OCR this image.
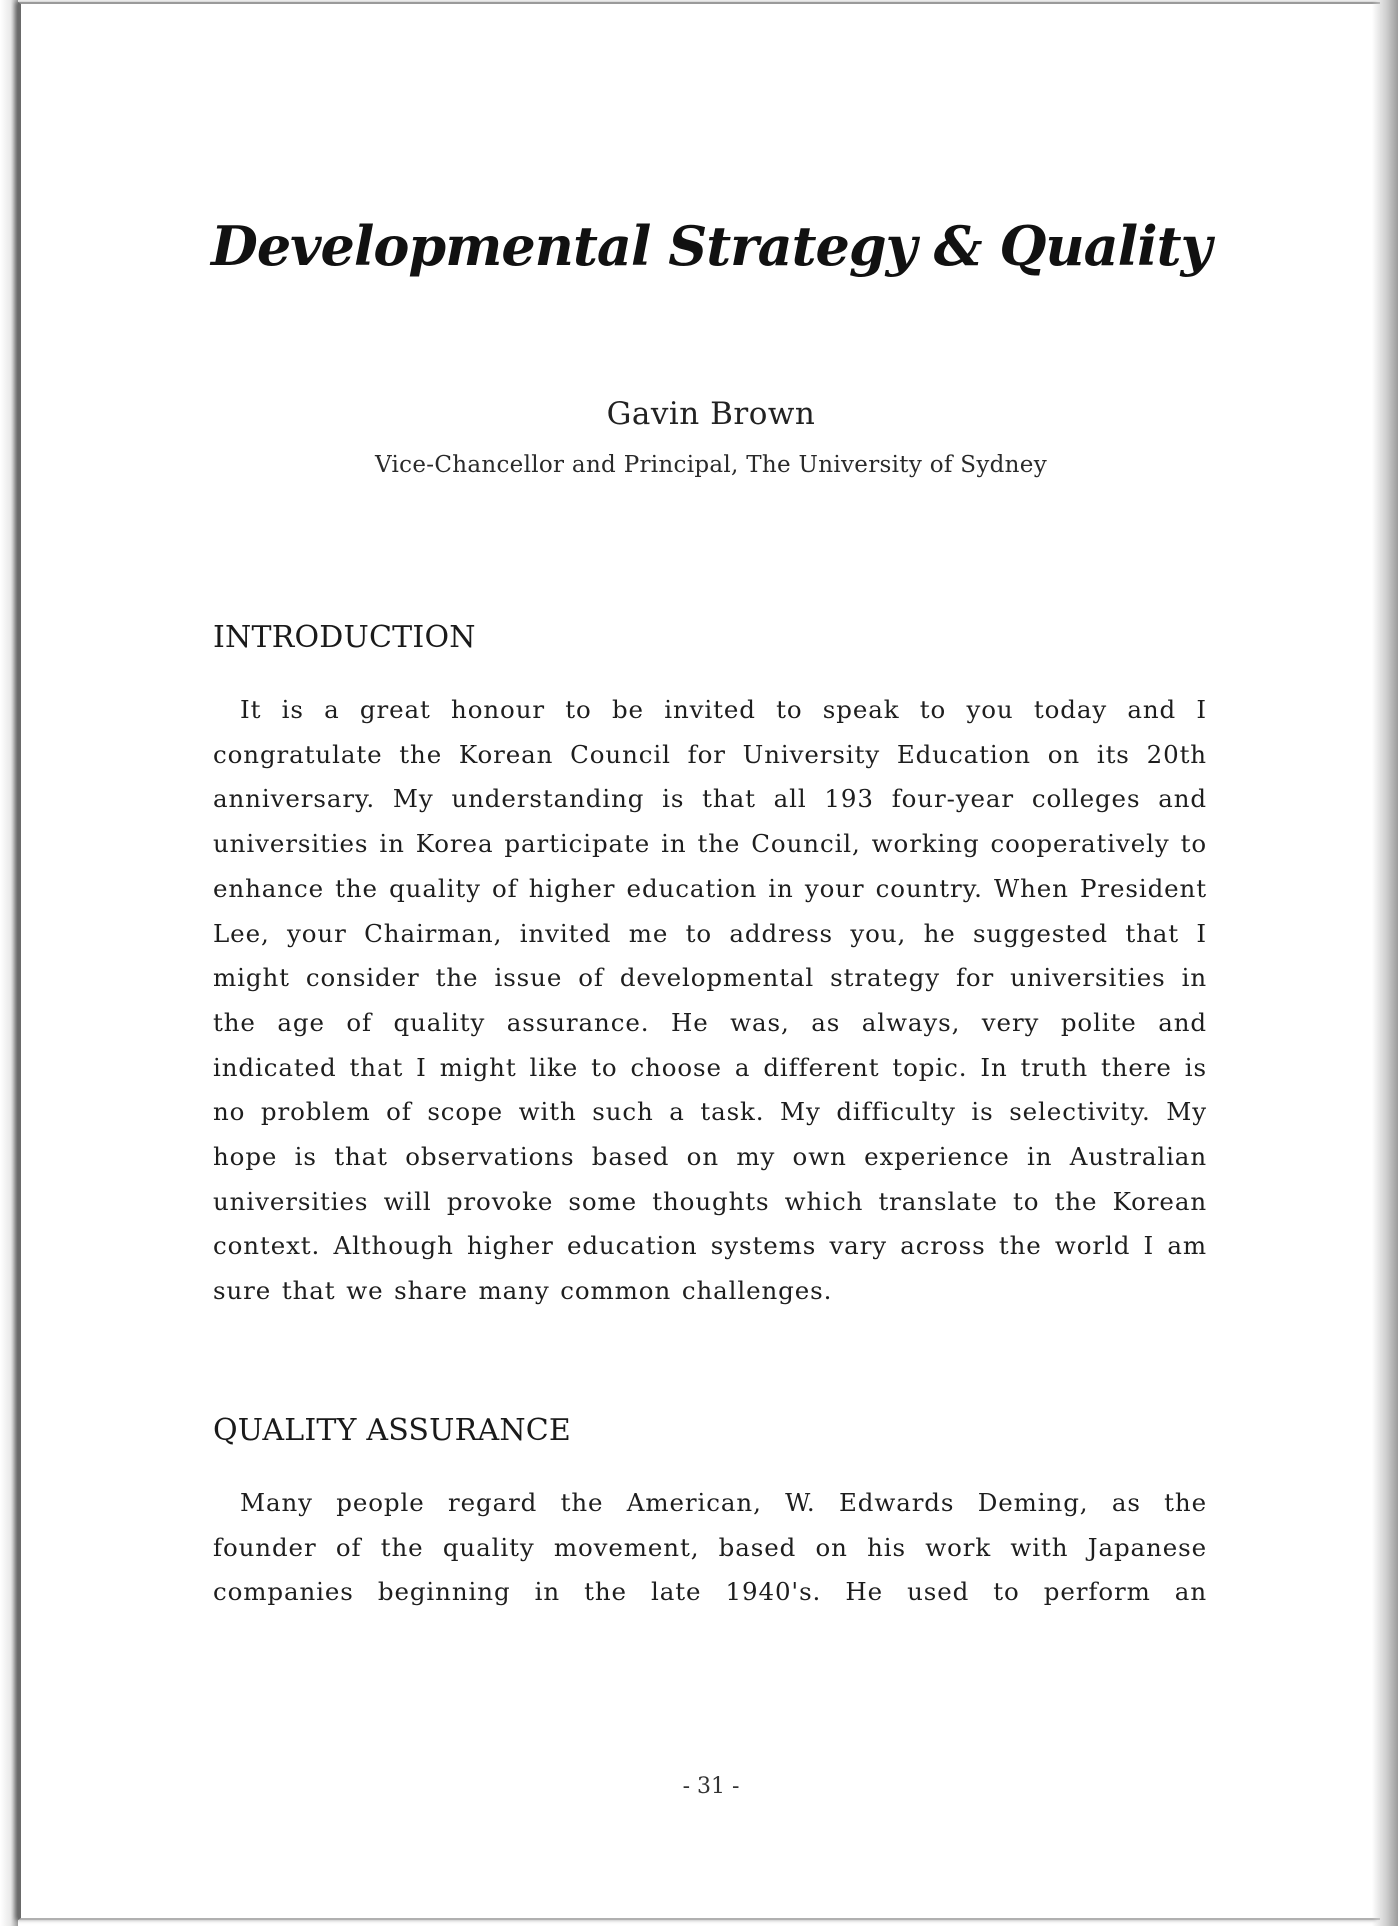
Developmental Strategy & Quality
Gavin Brown
Vice-Chancellor and Principal, The University of Sydney
INTRODUCTION

It is a great honour to be invited to speak to you today and I congratulate the Korean Council for University Education on its 20th anniversary. My understanding is that all 193 four-year colleges and universities in Korea participate in the Council, working cooperatively to enhance the quality of higher education in your country. When President Lee, your Chairman, invited me to address you, he suggested that I might consider the issue of developmental strategy for universities in the age of quality assurance. He was, as always, very polite and indicated that I might like to choose a different topic. In truth there is no problem of scope with such a task. My difficulty is selectivity. My hope is that observations based on my own experience in Australian universities will provoke some thoughts which translate to the Korean context. Although higher education systems vary across the world I am sure that we share many common challenges.

QUALITY ASSURANCE

Many people regard the American, W. Edwards Deming, as the founder of the quality movement, based on his work with Japanese companies beginning in the late 1940's. He used to perform an

- 31 -
